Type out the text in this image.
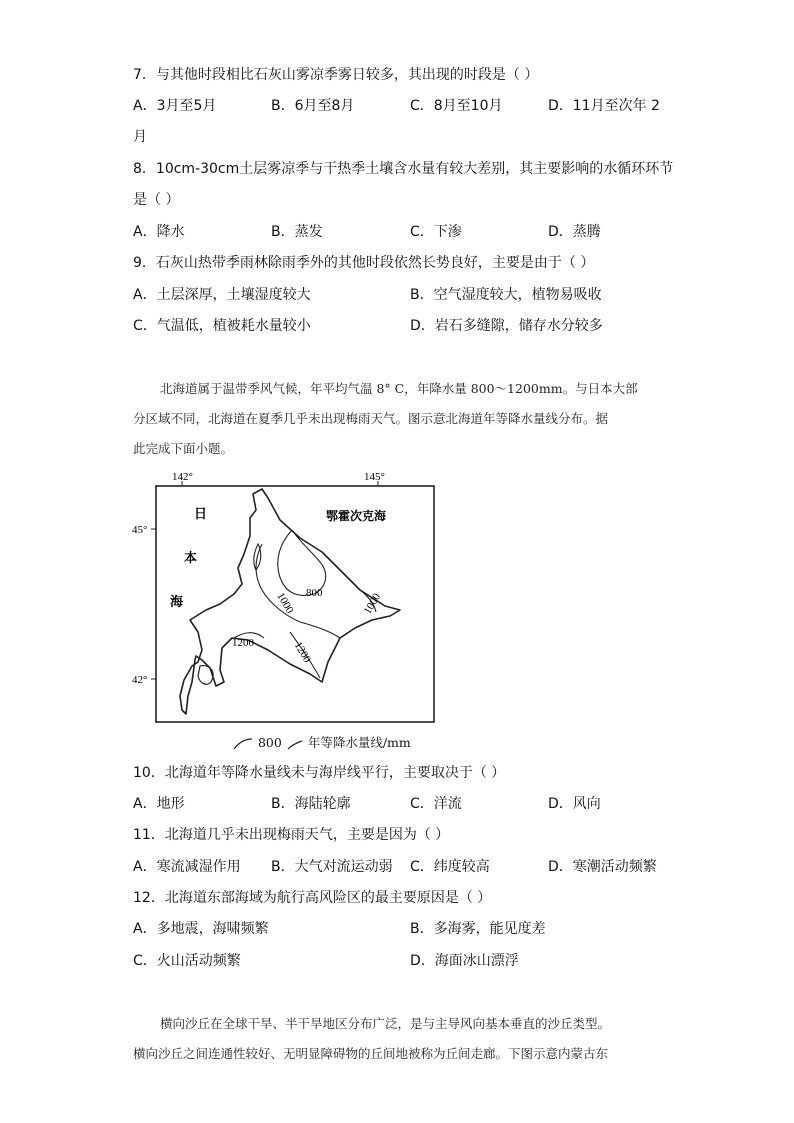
7．与其他时段相比石灰山雾凉季雾日较多，其出现的时段是（ ）
A．3月至5月	B．6月至8月	C．8月至10月	D．11月至次年 2
月
8．10cm-30cm土层雾凉季与干热季土壤含水量有较大差别，其主要影响的水循环环节
是（ ）
A．降水	B．蒸发	C．下渗	D．蒸腾
9．石灰山热带季雨林除雨季外的其他时段依然长势良好，主要是由于（ ）
A．土层深厚，土壤湿度较大	B．空气湿度较大，植物易吸收
C．气温低，植被耗水量较小	D．岩石多缝隙，储存水分较多
北海道属于温带季风气候，年平均气温 8° C，年降水量 800～1200mm。与日本大部
分区域不同，北海道在夏季几乎未出现梅雨天气。图示意北海道年等降水量线分布。据
此完成下面小题。
142°	145°
45°
42°
日
本
海
鄂霍次克海
800
1000	1000
1200	1200
800 年等降水量线/mm
10．北海道年等降水量线未与海岸线平行，主要取决于（ ）
A．地形	B．海陆轮廓	C．洋流	D．风向
11．北海道几乎未出现梅雨天气，主要是因为（ ）
A．寒流减湿作用 B．大气对流运动弱 C．纬度较高	D．寒潮活动频繁
12．北海道东部海域为航行高风险区的最主要原因是（ ）
A．多地震，海啸频繁	B．多海雾，能见度差
C．火山活动频繁	D．海面冰山漂浮
横向沙丘在全球干旱、半干旱地区分布广泛，是与主导风向基本垂直的沙丘类型。
横向沙丘之间连通性较好、无明显障碍物的丘间地被称为丘间走廊。下图示意内蒙古东
